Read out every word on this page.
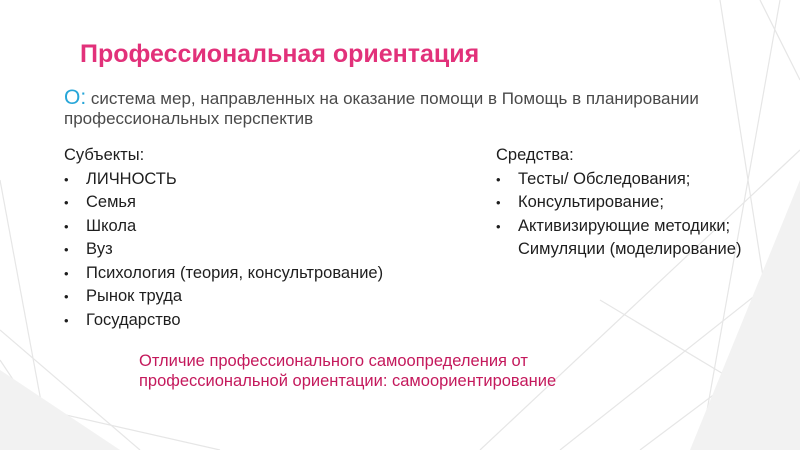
Профессиональная ориентация
О: система мер, направленных на оказание помощи в Помощь в планировании профессиональных перспектив
Субъекты:
• ЛИЧНОСТЬ
• Семья
• Школа
• Вуз
• Психология (теория, консультрование)
• Рынок труда
• Государство
Средства:
• Тесты/ Обследования;
• Консультирование;
• Активизирующие методики; Симуляции (моделирование)
Отличие профессионального самоопределения от профессиональной ориентации: самоориентирование
